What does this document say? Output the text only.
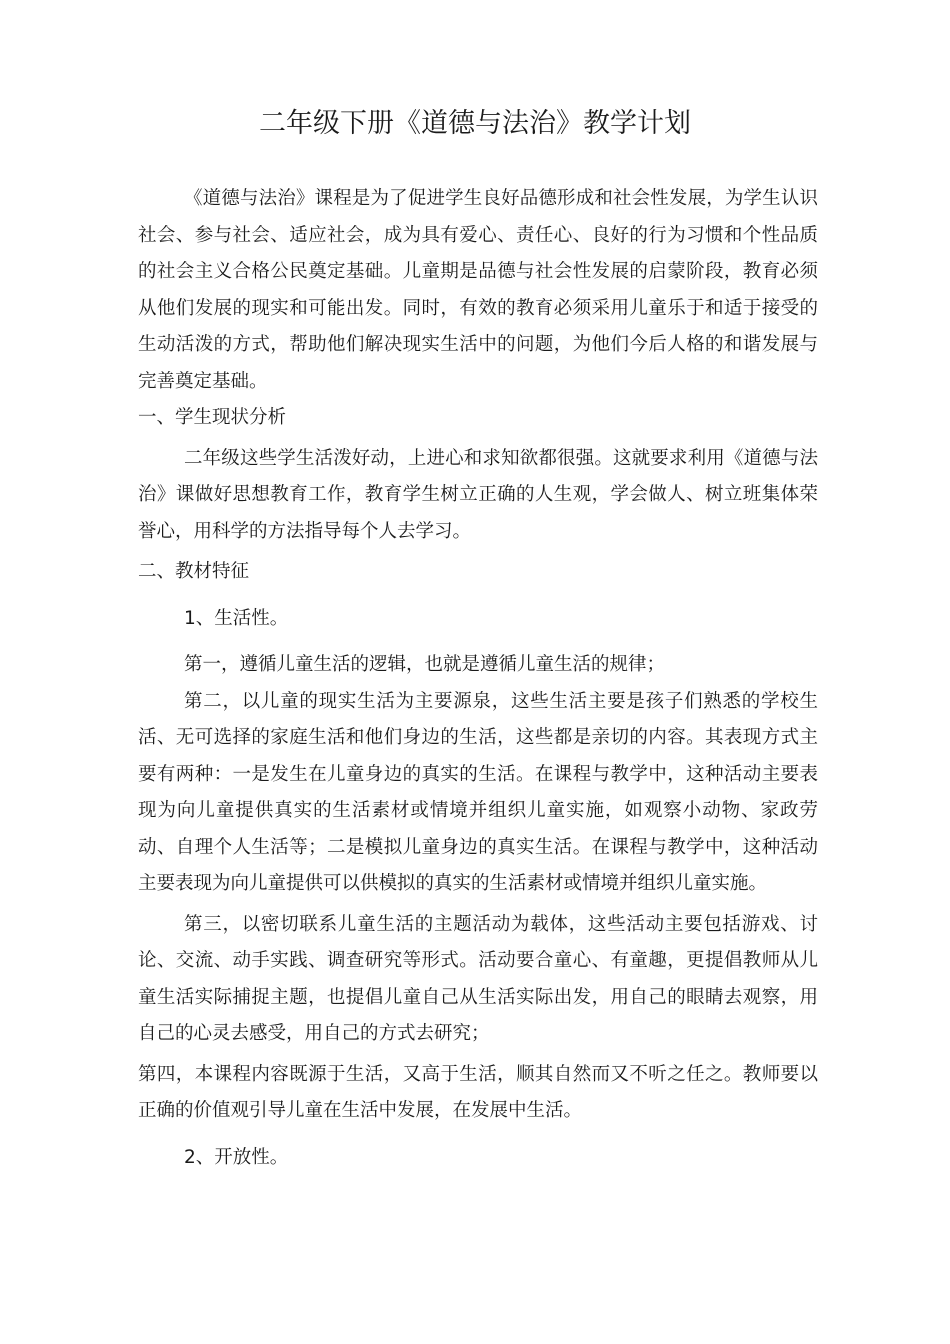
二年级下册《道德与法治》教学计划

《道德与法治》课程是为了促进学生良好品德形成和社会性发展，为学生认识社会、参与社会、适应社会，成为具有爱心、责任心、良好的行为习惯和个性品质的社会主义合格公民奠定基础。儿童期是品德与社会性发展的启蒙阶段，教育必须从他们发展的现实和可能出发。同时，有效的教育必须采用儿童乐于和适于接受的生动活泼的方式，帮助他们解决现实生活中的问题，为他们今后人格的和谐发展与完善奠定基础。

一、学生现状分析

二年级这些学生活泼好动，上进心和求知欲都很强。这就要求利用《道德与法治》课做好思想教育工作，教育学生树立正确的人生观，学会做人、树立班集体荣誉心，用科学的方法指导每个人去学习。

二、教材特征

1、生活性。

第一，遵循儿童生活的逻辑，也就是遵循儿童生活的规律；

第二，以儿童的现实生活为主要源泉，这些生活主要是孩子们熟悉的学校生活、无可选择的家庭生活和他们身边的生活，这些都是亲切的内容。其表现方式主要有两种：一是发生在儿童身边的真实的生活。在课程与教学中，这种活动主要表现为向儿童提供真实的生活素材或情境并组织儿童实施，如观察小动物、家政劳动、自理个人生活等；二是模拟儿童身边的真实生活。在课程与教学中，这种活动主要表现为向儿童提供可以供模拟的真实的生活素材或情境并组织儿童实施。

第三，以密切联系儿童生活的主题活动为载体，这些活动主要包括游戏、讨论、交流、动手实践、调查研究等形式。活动要合童心、有童趣，更提倡教师从儿童生活实际捕捉主题，也提倡儿童自己从生活实际出发，用自己的眼睛去观察，用自己的心灵去感受，用自己的方式去研究；

第四，本课程内容既源于生活，又高于生活，顺其自然而又不听之任之。教师要以正确的价值观引导儿童在生活中发展，在发展中生活。

2、开放性。
